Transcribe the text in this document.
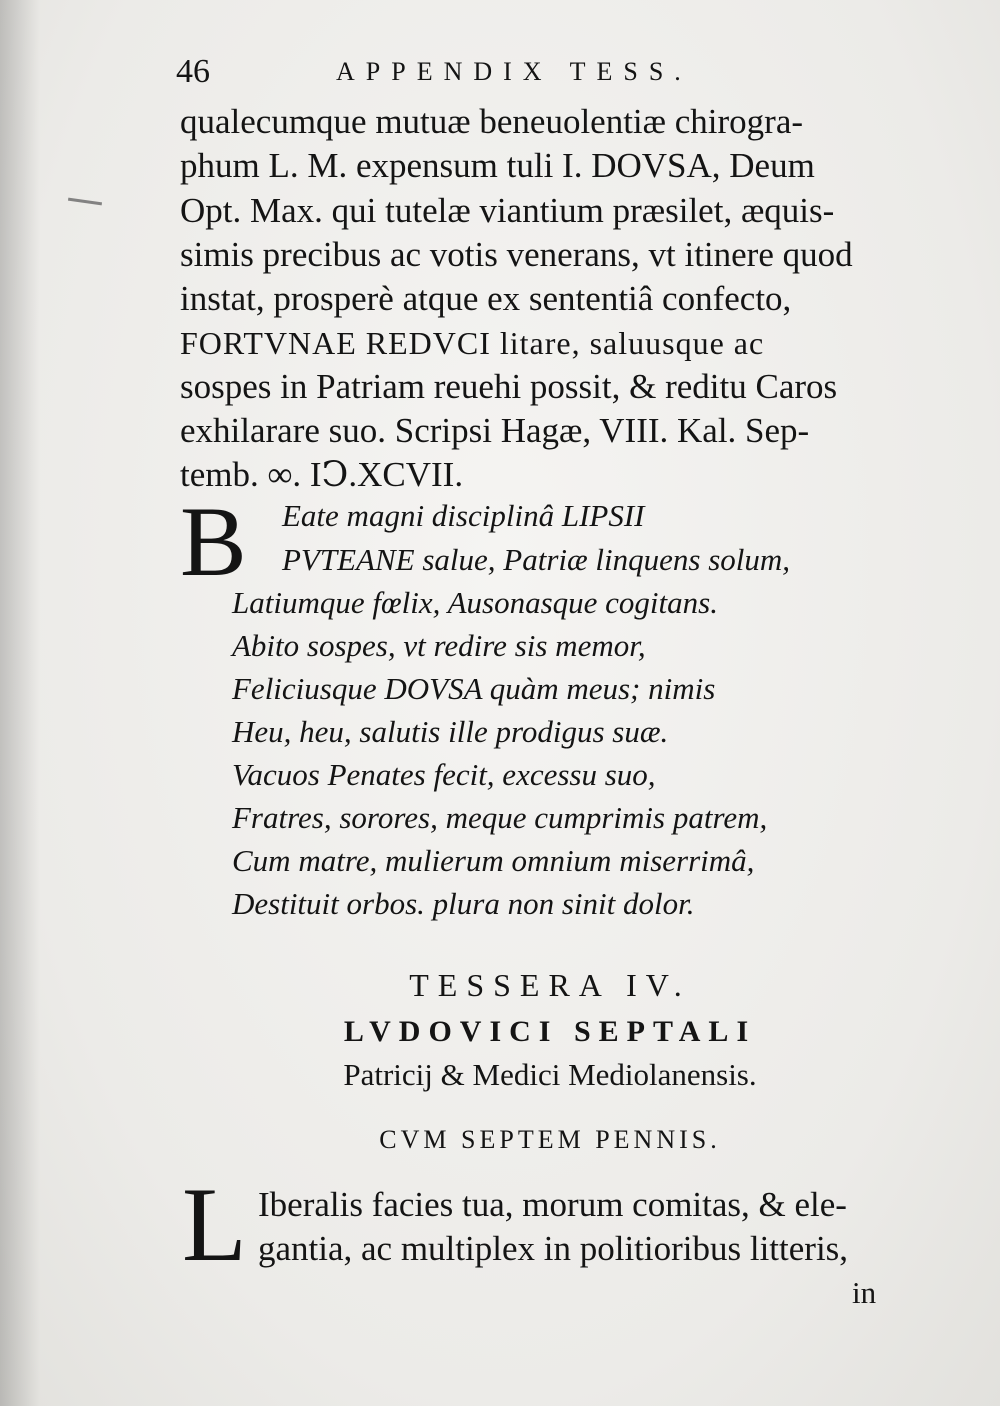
46	APPENDIX TESS.
qualecumque mutuæ beneuolentiæ chirogra-
phum L. M. expensum tuli I. DOVSA, Deum
Opt. Max. qui tutelæ viantium præsilet, æquis-
simis precibus ac votis venerans, vt itinere quod
instat, prosperè atque ex sententiâ confecto,
FORTVNAE REDVCI litare, saluusque ac
sospes in Patriam reuehi possit, & reditu Caros
exhilarare suo. Scripsi Hagæ, VIII. Kal. Sep-
temb. ∞. IↃ.XCVII.
B Eate magni disciplinâ LIPSII
PVTEANE salue, Patriæ linquens solum,
Latiumque fœlix, Ausonasque cogitans.
Abito sospes, vt redire sis memor,
Feliciusque DOVSA quàm meus; nimis
Heu, heu, salutis ille prodigus suæ.
Vacuos Penates fecit, excessu suo,
Fratres, sorores, meque cumprimis patrem,
Cum matre, mulierum omnium miserrimâ,
Destituit orbos. plura non sinit dolor.
TESSERA IV.
LVDOVICI SEPTALI
Patricij & Medici Mediolanensis.
CVM SEPTEM PENNIS.
L Iberalis facies tua, morum comitas, & ele-
gantia, ac multiplex in politioribus litteris,
in
